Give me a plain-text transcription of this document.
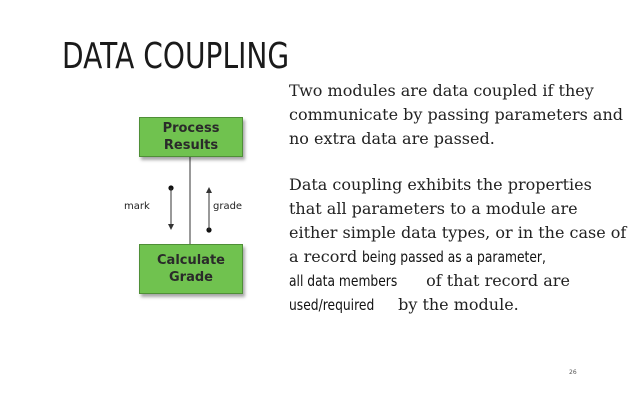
DATA COUPLING
Process
Results
Calculate
Grade
mark	grade

Two modules are data coupled if they communicate by passing parameters and no extra data are passed.

Data coupling exhibits the properties that all parameters to a module are either simple data types, or in the case of a record being passed as a parameter, all data members of that record are used/required by the module.

26
